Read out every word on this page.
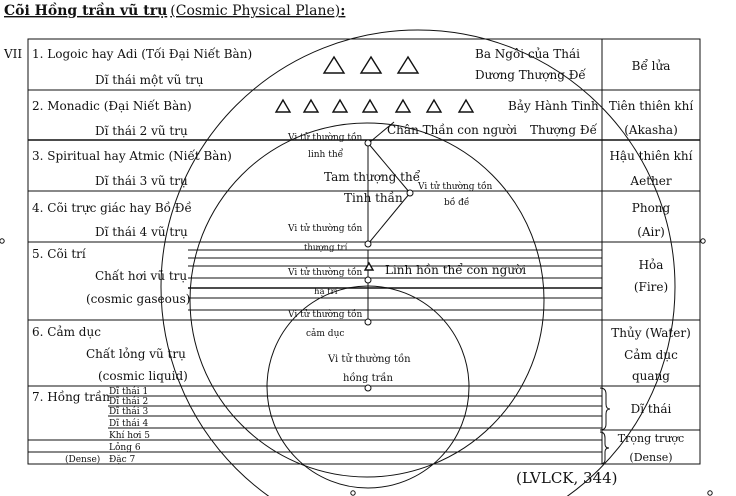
Cõi Hồng trần vũ trụ (Cosmic Physical Plane):
VII 1. Logoic hay Adi (Tối Đại Niết Bàn)
Dĩ thái một vũ trụ
Ba Ngôi của Thái
Dương Thượng Đế
Bể lửa
2. Monadic (Đại Niết Bàn)
Dĩ thái 2 vũ trụ
Bảy Hành Tinh
Chân Thần con người Thượng Đế
Tiên thiên khí
(Akasha)
3. Spiritual hay Atmic (Niết Bàn)
Dĩ thái 3 vũ trụ
Hậu thiên khí
Aether
4. Cõi trực giác hay Bồ Đề
Dĩ thái 4 vũ trụ
Phong
(Air)
5. Cõi trí
Chất hơi vũ trụ
(cosmic gaseous)
Hỏa
(Fire)
6. Cảm dục
Chất lỏng vũ trụ
(cosmic liquid)
Thủy (Water)
Cảm dục
quang
7. Hồng trần Dĩ thái 1
Dĩ thái 2
Dĩ thái 3
Dĩ thái 4
Khí hơi 5
Lỏng 6
Đặc 7
(Dense)
Dĩ thái
Trọng trược
(Dense)
Vi tử thường tồn
linh thể
Tam thượng thể
Tinh thần
Vi tử thường tồn
bồ đề
Vi tử thường tồn
thượng trí
Vi tử thường tồn
hạ trí
Linh hồn thể con người
Vi tử thường tồn
cảm dục
Vi tử thường tồn
hồng trần
(LVLCK, 344)
